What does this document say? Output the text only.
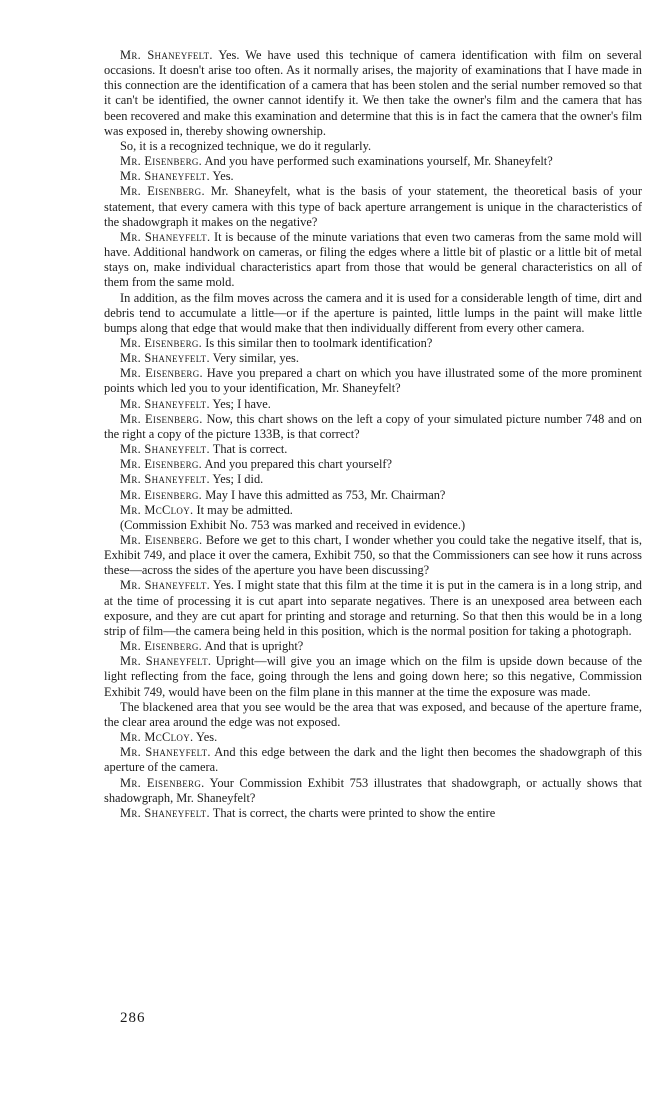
Mr. Shaneyfelt. Yes. We have used this technique of camera identification with film on several occasions. It doesn't arise too often. As it normally arises, the majority of examinations that I have made in this connection are the identification of a camera that has been stolen and the serial number removed so that it can't be identified, the owner cannot identify it. We then take the owner's film and the camera that has been recovered and make this examination and determine that this is in fact the camera that the owner's film was exposed in, thereby showing ownership.

So, it is a recognized technique, we do it regularly.

Mr. Eisenberg. And you have performed such examinations yourself, Mr. Shaneyfelt?

Mr. Shaneyfelt. Yes.

Mr. Eisenberg. Mr. Shaneyfelt, what is the basis of your statement, the theoretical basis of your statement, that every camera with this type of back aperture arrangement is unique in the characteristics of the shadowgraph it makes on the negative?

Mr. Shaneyfelt. It is because of the minute variations that even two cameras from the same mold will have. Additional handwork on cameras, or filing the edges where a little bit of plastic or a little bit of metal stays on, make individual characteristics apart from those that would be general characteristics on all of them from the same mold.

In addition, as the film moves across the camera and it is used for a considerable length of time, dirt and debris tend to accumulate a little—or if the aperture is painted, little lumps in the paint will make little bumps along that edge that would make that then individually different from every other camera.

Mr. Eisenberg. Is this similar then to toolmark identification?

Mr. Shaneyfelt. Very similar, yes.

Mr. Eisenberg. Have you prepared a chart on which you have illustrated some of the more prominent points which led you to your identification, Mr. Shaneyfelt?

Mr. Shaneyfelt. Yes; I have.

Mr. Eisenberg. Now, this chart shows on the left a copy of your simulated picture number 748 and on the right a copy of the picture 133B, is that correct?

Mr. Shaneyfelt. That is correct.

Mr. Eisenberg. And you prepared this chart yourself?

Mr. Shaneyfelt. Yes; I did.

Mr. Eisenberg. May I have this admitted as 753, Mr. Chairman?

Mr. McCloy. It may be admitted.

(Commission Exhibit No. 753 was marked and received in evidence.)

Mr. Eisenberg. Before we get to this chart, I wonder whether you could take the negative itself, that is, Exhibit 749, and place it over the camera, Exhibit 750, so that the Commissioners can see how it runs across these—across the sides of the aperture you have been discussing?

Mr. Shaneyfelt. Yes. I might state that this film at the time it is put in the camera is in a long strip, and at the time of processing it is cut apart into separate negatives. There is an unexposed area between each exposure, and they are cut apart for printing and storage and returning. So that then this would be in a long strip of film—the camera being held in this position, which is the normal position for taking a photograph.

Mr. Eisenberg. And that is upright?

Mr. Shaneyfelt. Upright—will give you an image which on the film is upside down because of the light reflecting from the face, going through the lens and going down here; so this negative, Commission Exhibit 749, would have been on the film plane in this manner at the time the exposure was made.

The blackened area that you see would be the area that was exposed, and because of the aperture frame, the clear area around the edge was not exposed.

Mr. McCloy. Yes.

Mr. Shaneyfelt. And this edge between the dark and the light then becomes the shadowgraph of this aperture of the camera.

Mr. Eisenberg. Your Commission Exhibit 753 illustrates that shadowgraph, or actually shows that shadowgraph, Mr. Shaneyfelt?

Mr. Shaneyfelt. That is correct, the charts were printed to show the entire

286
